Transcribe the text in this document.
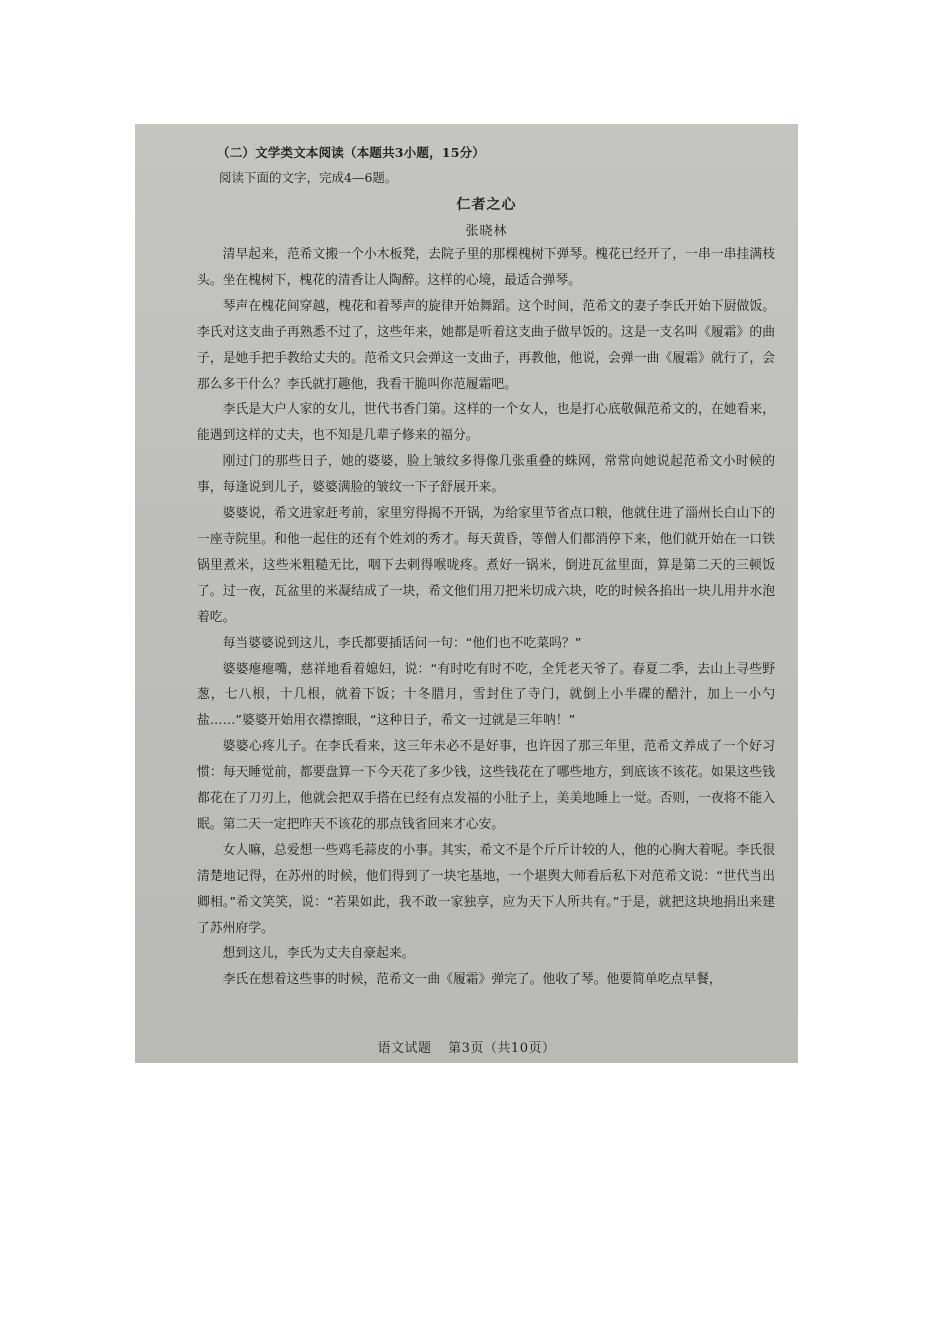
（二）文学类文本阅读（本题共3小题，15分）
阅读下面的文字，完成4—6题。
仁者之心
张晓林

清早起来，范希文搬一个小木板凳，去院子里的那棵槐树下弹琴。槐花已经开了，一串一串挂满枝头。坐在槐树下，槐花的清香让人陶醉。这样的心境，最适合弹琴。

琴声在槐花间穿越，槐花和着琴声的旋律开始舞蹈。这个时间，范希文的妻子李氏开始下厨做饭。李氏对这支曲子再熟悉不过了，这些年来，她都是听着这支曲子做早饭的。这是一支名叫《履霜》的曲子，是她手把手教给丈夫的。范希文只会弹这一支曲子，再教他，他说，会弹一曲《履霜》就行了，会那么多干什么？李氏就打趣他，我看干脆叫你范履霜吧。

李氏是大户人家的女儿，世代书香门第。这样的一个女人，也是打心底敬佩范希文的，在她看来，能遇到这样的丈夫，也不知是几辈子修来的福分。

刚过门的那些日子，她的婆婆，脸上皱纹多得像几张重叠的蛛网，常常向她说起范希文小时候的事，每逢说到儿子，婆婆满脸的皱纹一下子舒展开来。

婆婆说，希文进家赶考前，家里穷得揭不开锅，为给家里节省点口粮，他就住进了淄州长白山下的一座寺院里。和他一起住的还有个姓刘的秀才。每天黄昏，等僧人们都消停下来，他们就开始在一口铁锅里煮米，这些米粗糙无比，咽下去剌得喉咙疼。煮好一锅米，倒进瓦盆里面，算是第二天的三顿饭了。过一夜，瓦盆里的米凝结成了一块，希文他们用刀把米切成六块，吃的时候各掐出一块儿用井水泡着吃。

每当婆婆说到这儿，李氏都要插话问一句：“他们也不吃菜吗？”

婆婆瘪瘪嘴，慈祥地看着媳妇，说：“有时吃有时不吃，全凭老天爷了。春夏二季，去山上寻些野葱，七八根，十几根，就着下饭；十冬腊月，雪封住了寺门，就倒上小半碟的醋汁，加上一小勺盐……”婆婆开始用衣襟擦眼，“这种日子，希文一过就是三年呐！”

婆婆心疼儿子。在李氏看来，这三年未必不是好事，也许因了那三年里，范希文养成了一个好习惯：每天睡觉前，都要盘算一下今天花了多少钱，这些钱花在了哪些地方，到底该不该花。如果这些钱都花在了刀刃上，他就会把双手搭在已经有点发福的小肚子上，美美地睡上一觉。否则，一夜将不能入眠。第二天一定把昨天不该花的那点钱省回来才心安。

女人嘛，总爱想一些鸡毛蒜皮的小事。其实，希文不是个斤斤计较的人，他的心胸大着呢。李氏很清楚地记得，在苏州的时候，他们得到了一块宅基地，一个堪舆大师看后私下对范希文说：“世代当出卿相。”希文笑笑，说：“若果如此，我不敢一家独享，应为天下人所共有。”于是，就把这块地捐出来建了苏州府学。

想到这儿，李氏为丈夫自豪起来。

李氏在想着这些事的时候，范希文一曲《履霜》弹完了。他收了琴。他要简单吃点早餐，

语文试题 第3页（共10页）
